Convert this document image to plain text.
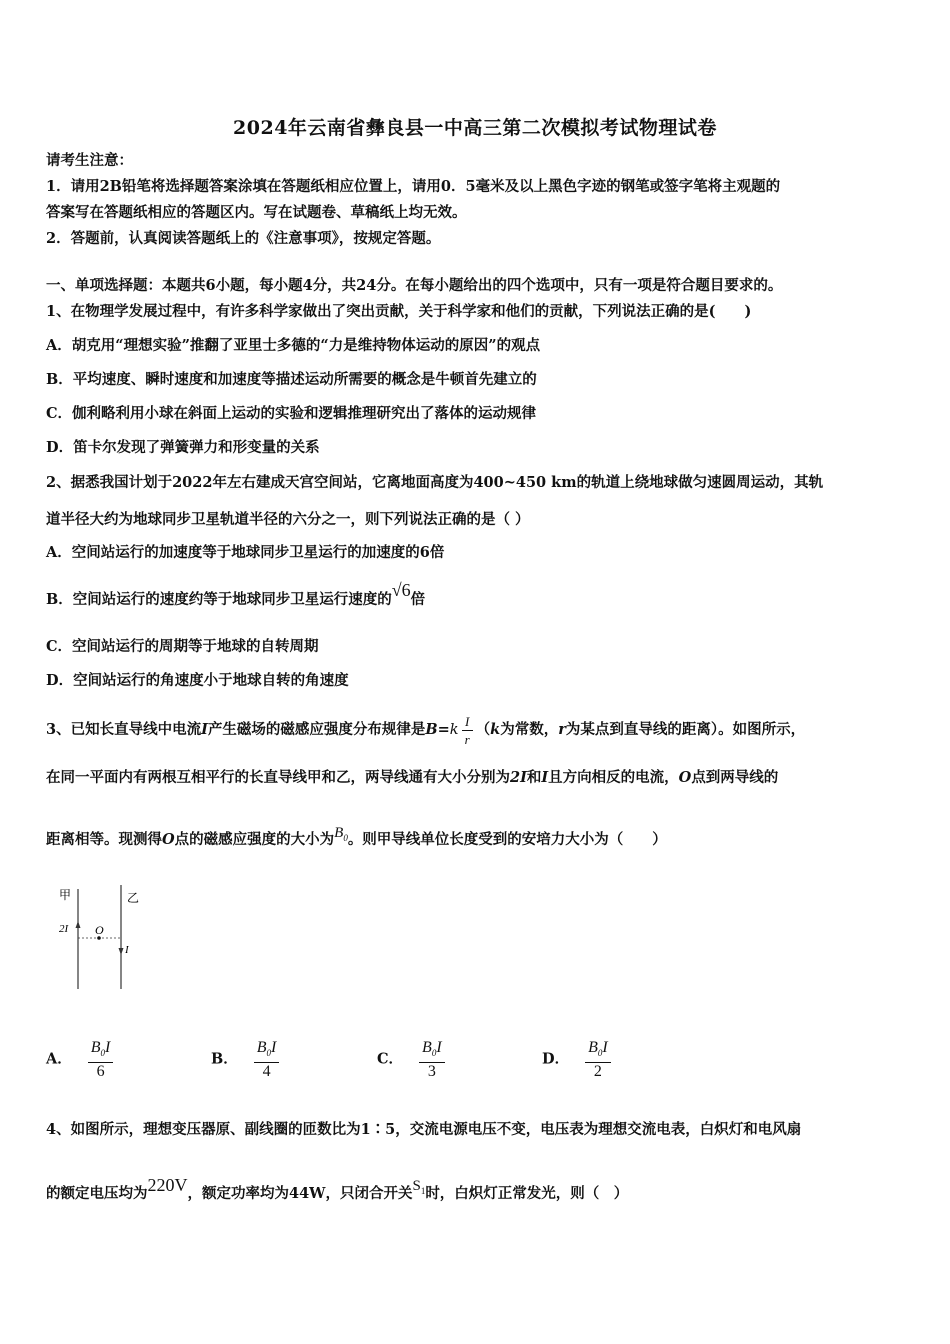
2024年云南省彝良县一中高三第二次模拟考试物理试卷
请考生注意：
1．请用2B铅笔将选择题答案涂填在答题纸相应位置上，请用0．5毫米及以上黑色字迹的钢笔或签字笔将主观题的
答案写在答题纸相应的答题区内。写在试题卷、草稿纸上均无效。
2．答题前，认真阅读答题纸上的《注意事项》，按规定答题。
一、单项选择题：本题共6小题，每小题4分，共24分。在每小题给出的四个选项中，只有一项是符合题目要求的。
1、在物理学发展过程中，有许多科学家做出了突出贡献，关于科学家和他们的贡献，下列说法正确的是(　　)
A．胡克用“理想实验”推翻了亚里士多德的“力是维持物体运动的原因”的观点
B．平均速度、瞬时速度和加速度等描述运动所需要的概念是牛顿首先建立的
C．伽利略利用小球在斜面上运动的实验和逻辑推理研究出了落体的运动规律
D．笛卡尔发现了弹簧弹力和形变量的关系
2、据悉我国计划于2022年左右建成天宫空间站，它离地面高度为400~450 km的轨道上绕地球做匀速圆周运动，其轨
道半径大约为地球同步卫星轨道半径的六分之一，则下列说法正确的是（ ）
A．空间站运行的加速度等于地球同步卫星运行的加速度的6倍
B．空间站运行的速度约等于地球同步卫星运行速度的√6倍
C．空间站运行的周期等于地球的自转周期
D．空间站运行的角速度小于地球自转的角速度
3、已知长直导线中电流I产生磁场的磁感应强度分布规律是$B=k \frac{I}{r} (k$为常数，r为某点到直导线的距离）。如图所示，
在同一平面内有两根互相平行的长直导线甲和乙，两导线通有大小分别为2I和I且方向相反的电流，O点到两导线的
距离相等。现测得O点的磁感应强度的大小为$B_0$。则甲导线单位长度受到的安培力大小为（　　）
甲	乙
2I O
I
A． $\frac{B_0I}{6}$	B． $\frac{B_0I}{4}$	C． $\frac{B_0I}{3}$	D． $\frac{B_0I}{2}$
4、如图所示，理想变压器原、副线圈的匝数比为1∶5，交流电源电压不变，电压表为理想交流电表，白炽灯和电风扇
的额定电压均为220V，额定功率均为44W，只闭合开关$S_1$时，白炽灯正常发光，则（　）
